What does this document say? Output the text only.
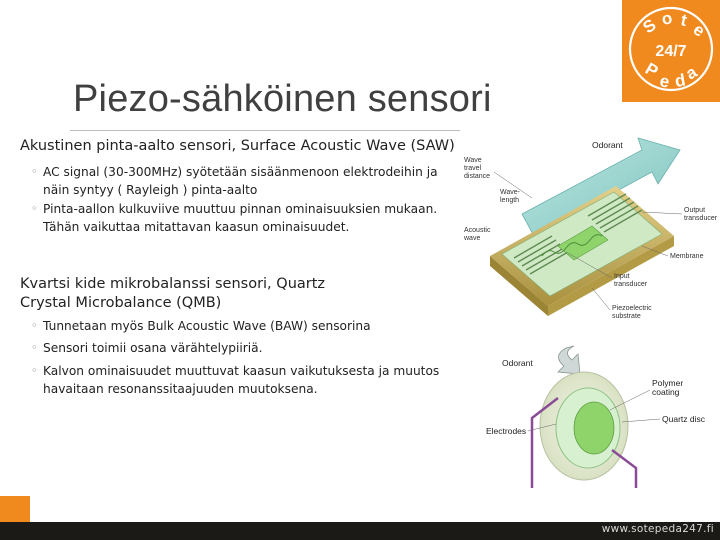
S o t e
24/7
P
e d
a
Piezo-sähköinen sensori
Akustinen pinta-aalto sensori, Surface Acoustic Wave (SAW)
◦ AC signal (30-300MHz) syötetään sisäänmenoon elektrodeihin ja näin syntyy ( Rayleigh ) pinta-aalto
◦ Pinta-aallon kulkuviive muuttuu pinnan ominaisuuksien mukaan. Tähän vaikuttaa mitattavan kaasun ominaisuudet.
Kvartsi kide mikrobalanssi sensori, Quartz Crystal Microbalance (QMB)
◦ Tunnetaan myös Bulk Acoustic Wave (BAW) sensorina
◦ Sensori toimii osana värähtelypiiriä.
◦ Kalvon ominaisuudet muuttuvat kaasun vaikutuksesta ja muutos havaitaan resonanssitaajuuden muutoksena.
Odorant
Wave
travel
distance
Wave-
length
Acoustic
wave
Output
transducer
Membrane
Input
transducer
Piezoelectric
substrate
Odorant
Polymer
coating
Quartz disc
Electrodes
www.sotepeda247.fi
